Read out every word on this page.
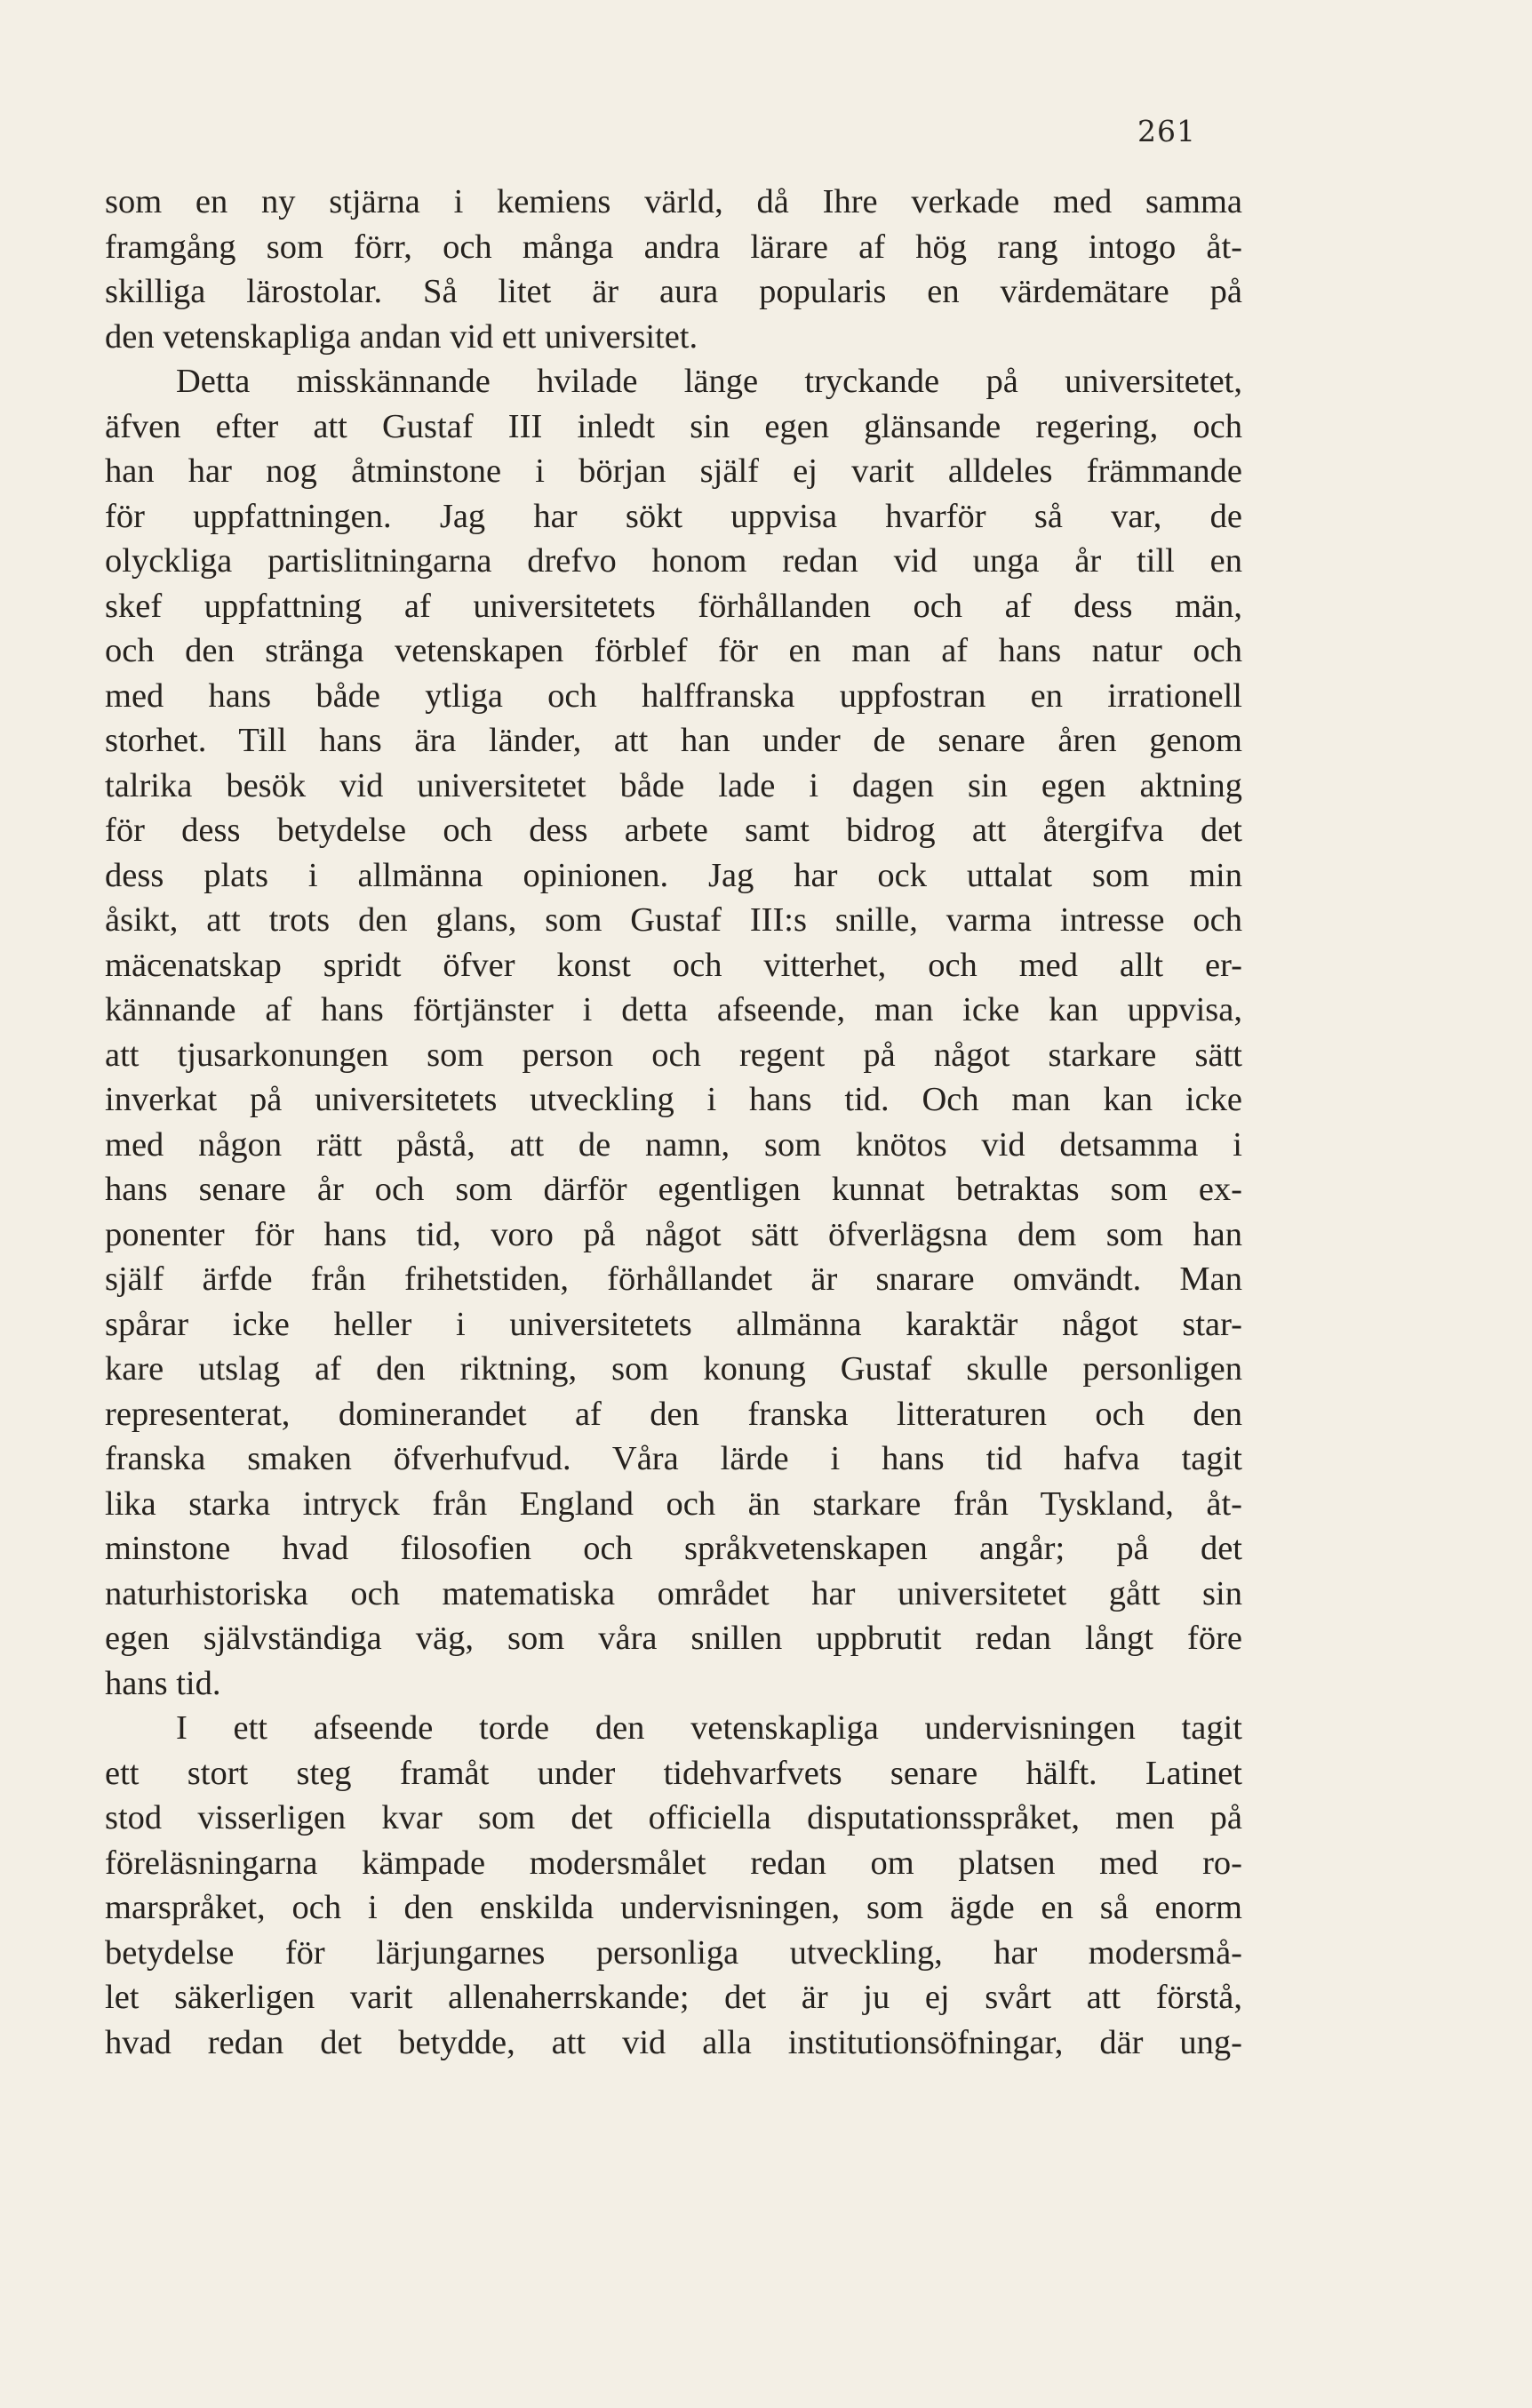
261
som en ny stjärna i kemiens värld, då Ihre verkade med samma
framgång som förr, och många andra lärare af hög rang intogo åt-
skilliga lärostolar. Så litet är aura popularis en värdemätare på
den vetenskapliga andan vid ett universitet.
Detta misskännande hvilade länge tryckande på universitetet,
äfven efter att Gustaf III inledt sin egen glänsande regering, och
han har nog åtminstone i början själf ej varit alldeles främmande
för uppfattningen. Jag har sökt uppvisa hvarför så var, de
olyckliga partislitningarna drefvo honom redan vid unga år till en
skef uppfattning af universitetets förhållanden och af dess män,
och den stränga vetenskapen förblef för en man af hans natur och
med hans både ytliga och halffranska uppfostran en irrationell
storhet. Till hans ära länder, att han under de senare åren genom
talrika besök vid universitetet både lade i dagen sin egen aktning
för dess betydelse och dess arbete samt bidrog att återgifva det
dess plats i allmänna opinionen. Jag har ock uttalat som min
åsikt, att trots den glans, som Gustaf III:s snille, varma intresse och
mäcenatskap spridt öfver konst och vitterhet, och med allt er-
kännande af hans förtjänster i detta afseende, man icke kan uppvisa,
att tjusarkonungen som person och regent på något starkare sätt
inverkat på universitetets utveckling i hans tid. Och man kan icke
med någon rätt påstå, att de namn, som knötos vid detsamma i
hans senare år och som därför egentligen kunnat betraktas som ex-
ponenter för hans tid, voro på något sätt öfverlägsna dem som han
själf ärfde från frihetstiden, förhållandet är snarare omvändt. Man
spårar icke heller i universitetets allmänna karaktär något star-
kare utslag af den riktning, som konung Gustaf skulle personligen
representerat, dominerandet af den franska litteraturen och den
franska smaken öfverhufvud. Våra lärde i hans tid hafva tagit
lika starka intryck från England och än starkare från Tyskland, åt-
minstone hvad filosofien och språkvetenskapen angår; på det
naturhistoriska och matematiska området har universitetet gått sin
egen självständiga väg, som våra snillen uppbrutit redan långt före
hans tid.
I ett afseende torde den vetenskapliga undervisningen tagit
ett stort steg framåt under tidehvarfvets senare hälft. Latinet
stod visserligen kvar som det officiella disputationsspråket, men på
föreläsningarna kämpade modersmålet redan om platsen med ro-
marspråket, och i den enskilda undervisningen, som ägde en så enorm
betydelse för lärjungarnes personliga utveckling, har modersmå-
let säkerligen varit allenaherrskande; det är ju ej svårt att förstå,
hvad redan det betydde, att vid alla institutionsöfningar, där ung-
